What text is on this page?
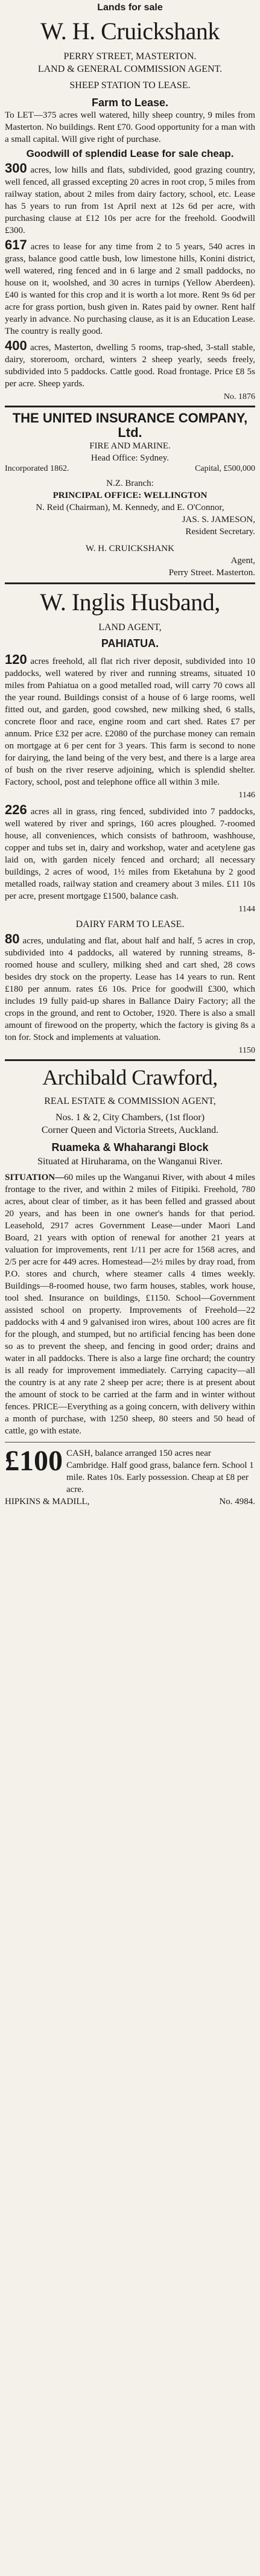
Lands for sale
W. H. Cruickshank
PERRY STREET, MASTERTON.
LAND & GENERAL COMMISSION AGENT.
SHEEP STATION TO LEASE.
Farm to Lease.

To LET—375 acres well watered, hilly sheep country, 9 miles from Masterton. No buildings. Rent £70. Good opportunity for a man with a small capital. Will give right of purchase.

Goodwill of splendid Lease for sale cheap.

300 acres, low hills and flats, subdivided, good grazing country, well fenced, all grassed excepting 20 acres in root crop, 5 miles from railway station, about 2 miles from dairy factory, school, etc. Lease has 5 years to run from 1st April next at 12s 6d per acre, with purchasing clause at £12 10s per acre for the freehold. Goodwill £300.

617 acres to lease for any time from 2 to 5 years, 540 acres in grass, balance good cattle bush, low limestone hills, Konini district, well watered, ring fenced and in 6 large and 2 small paddocks, no house on it, woolshed, and 30 acres in turnips (Yellow Aberdeen). £40 is wanted for this crop and it is worth a lot more. Rent 9s 6d per acre for grass portion, bush given in. Rates paid by owner. Rent half yearly in advance. No purchasing clause, as it is an Education Lease. The country is really good.

400 acres, Masterton, dwelling 5 rooms, trap-shed, 3-stall stable, dairy, storeroom, orchard, winters 2 sheep yearly, seeds freely, subdivided into 5 paddocks. Cattle good. Road frontage. Price £8 5s per acre. Sheep yards.

No. 1876
THE UNITED INSURANCE COMPANY, Ltd.
FIRE AND MARINE.
Head Office: Sydney.
Incorporated 1862.	Capital, £500,000
N.Z. Branch:
PRINCIPAL OFFICE: WELLINGTON
N. Reid (Chairman), M. Kennedy, and E. O'Connor,
JAS. S. JAMESON,
Resident Secretary.
W. H. CRUICKSHANK
Agent,
Perry Street. Masterton.
W. Inglis Husband,
LAND AGENT,
PAHIATUA.

120 acres freehold, all flat rich river deposit, subdivided into 10 paddocks, well watered by river and running streams, situated 10 miles from Pahiatua on a good metalled road, will carry 70 cows all the year round. Buildings consist of a house of 6 large rooms, well fitted out, and garden, good cowshed, new milking shed, 6 stalls, concrete floor and race, engine room and cart shed. Rates £7 per annum. Price £32 per acre. £2080 of the purchase money can remain on mortgage at 6 per cent for 3 years. This farm is second to none for dairying, the land being of the very best, and there is a large area of bush on the river reserve adjoining, which is splendid shelter. Factory, school, post and telephone office all within 3 mile.

1146

226 acres all in grass, ring fenced, subdivided into 7 paddocks, well watered by river and springs, 160 acres ploughed. 7-roomed house, all conveniences, which consists of bathroom, washhouse, copper and tubs set in, dairy and workshop, water and acetylene gas laid on, with garden nicely fenced and orchard; all necessary buildings, 2 acres of wood, 1½ miles from Eketahuna by 2 good metalled roads, railway station and creamery about 3 miles. £11 10s per acre, present mortgage £1500, balance cash.

1144
DAIRY FARM TO LEASE.

80 acres, undulating and flat, about half and half, 5 acres in crop, subdivided into 4 paddocks, all watered by running streams, 8-roomed house and scullery, milking shed and cart shed, 28 cows besides dry stock on the property. Lease has 14 years to run. Rent £180 per annum. rates £6 10s. Price for goodwill £300, which includes 19 fully paid-up shares in Ballance Dairy Factory; all the crops in the ground, and rent to October, 1920. There is also a small amount of firewood on the property, which the factory is giving 8s a ton for. Stock and implements at valuation.

1150
Archibald Crawford,
REAL ESTATE & COMMISSION AGENT,
Nos. 1 & 2, City Chambers, (1st floor)
Corner Queen and Victoria Streets, Auckland.
Ruameka & Whaharangi Block
Situated at Hiruharama, on the Wanganui River.

SITUATION—60 miles up the Wanganui River, with about 4 miles frontage to the river, and within 2 miles of Fitipiki. Freehold, 780 acres, about clear of timber, as it has been felled and grassed about 20 years, and has been in one owner's hands for that period. Leasehold, 2917 acres Government Lease—under Maori Land Board, 21 years with option of renewal for another 21 years at valuation for improvements, rent 1/11 per acre for 1568 acres, and 2/5 per acre for 449 acres. Homestead—2½ miles by dray road, from P.O. stores and church, where steamer calls 4 times weekly. Buildings—8-roomed house, two farm houses, stables, work house, tool shed. Insurance on buildings, £1150. School—Government assisted school on property. Improvements of Freehold—22 paddocks with 4 and 9 galvanised iron wires, about 100 acres are fit for the plough, and stumped, but no artificial fencing has been done so as to prevent the sheep, and fencing in good order; drains and water in all paddocks. There is also a large fine orchard; the country is all ready for improvement immediately. Carrying capacity—all the country is at any rate 2 sheep per acre; there is at present about the amount of stock to be carried at the farm and in winter without fences. PRICE—Everything as a going concern, with delivery within a month of purchase, with 1250 sheep, 80 steers and 50 head of cattle, go with estate.

£100 CASH, balance arranged 150 acres near Cambridge. Half good grass, balance fern. School 1 mile. Rates 10s. Early possession. Cheap at £8 per acre.
HIPKINS & MADILL,	No. 4984.
